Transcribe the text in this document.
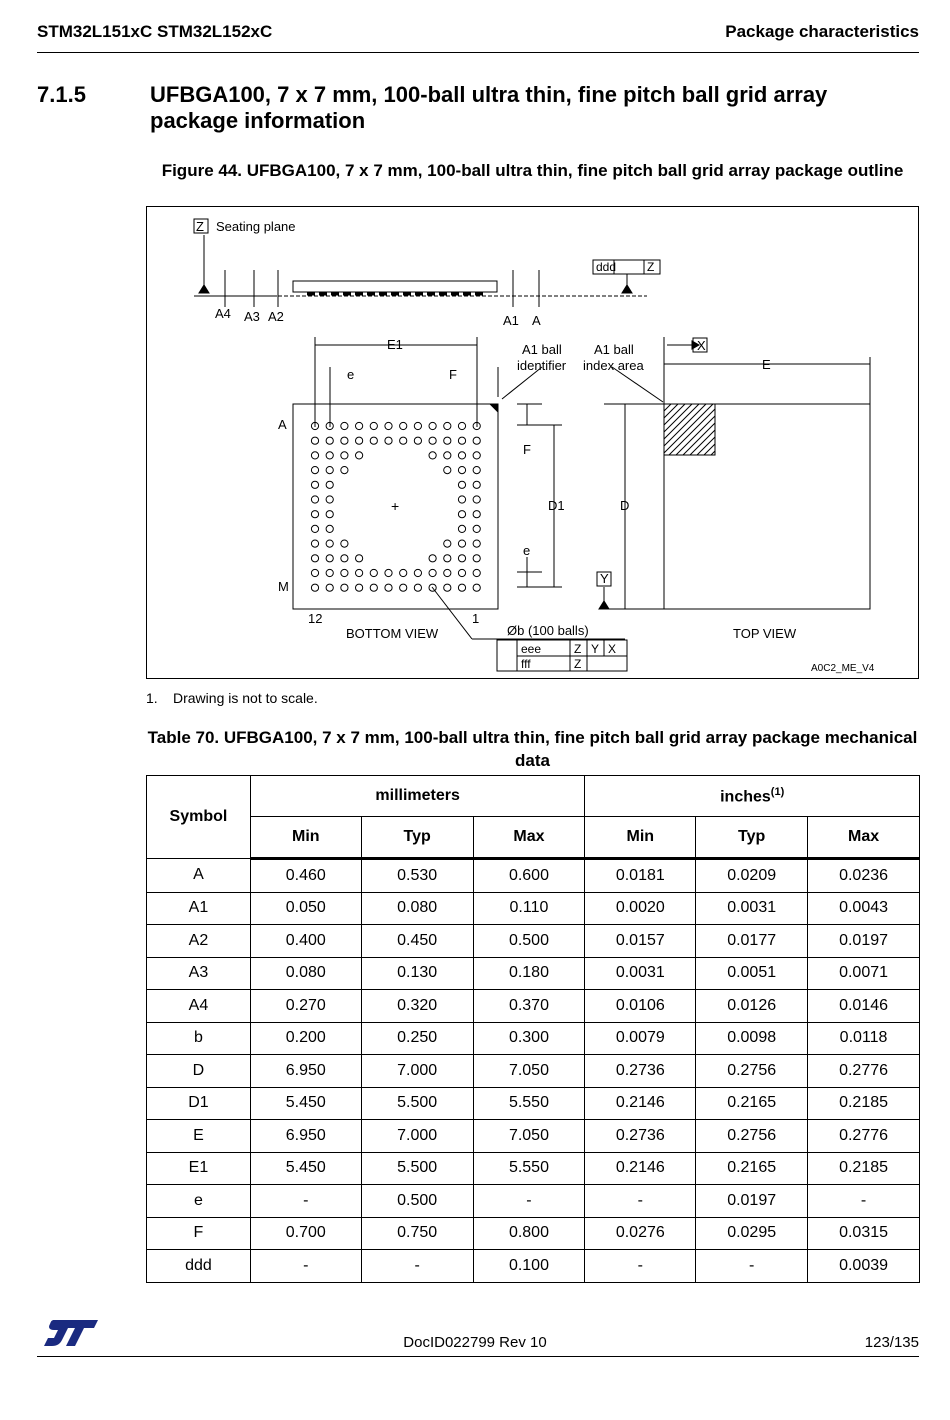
STM32L151xC STM32L152xC	Package characteristics
7.1.5	UFBGA100, 7 x 7 mm, 100-ball ultra thin, fine pitch ball grid array package information
Figure 44. UFBGA100, 7 x 7 mm, 100-ball ultra thin, fine pitch ball grid array package outline
Z Seating plane
ddd	Z
A4 A3 A2	A1 A
E1
e	F
A1 ball
identifier
A1 ball
index area
X
E
F
D1	D
e
Y
A
M
12	1
BOTTOM VIEW	TOP VIEW
Øb (100 balls)
eee
fff
Z Y X
Z	A0C2_ME_V4
+
1. Drawing is not to scale.
Table 70. UFBGA100, 7 x 7 mm, 100-ball ultra thin, fine pitch ball grid array package mechanical data
Symbol	millimeters			inches$^{(1)}$
	Min	Typ	Max	Min	Typ	Max
A	0.460	0.530	0.600	0.0181	0.0209	0.0236
A1	0.050	0.080	0.110	0.0020	0.0031	0.0043
A2	0.400	0.450	0.500	0.0157	0.0177	0.0197
A3	0.080	0.130	0.180	0.0031	0.0051	0.0071
A4	0.270	0.320	0.370	0.0106	0.0126	0.0146
b	0.200	0.250	0.300	0.0079	0.0098	0.0118
D	6.950	7.000	7.050	0.2736	0.2756	0.2776
D1	5.450	5.500	5.550	0.2146	0.2165	0.2185
E	6.950	7.000	7.050	0.2736	0.2756	0.2776
E1	5.450	5.500	5.550	0.2146	0.2165	0.2185
e	-	0.500	-	-	0.0197	-
F	0.700	0.750	0.800	0.0276	0.0295	0.0315
ddd	-	-	0.100	-	-	0.0039
DocID022799 Rev 10	123/135
